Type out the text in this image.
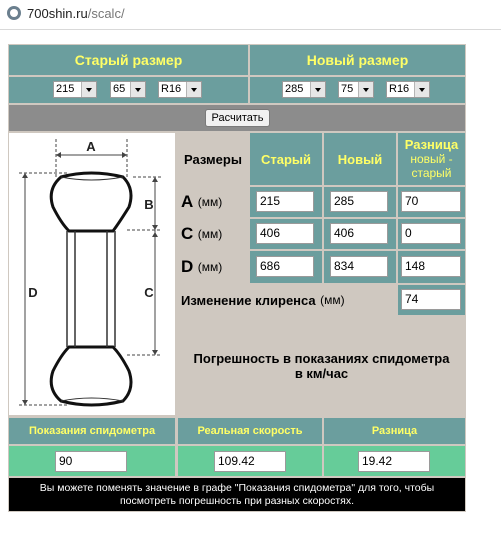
700shin.ru/scalc/
Старый размер	Новый размер
215	65	R16	285	75	R16
Расчитать
A
B
C
D
Размеры	Старый	Новый
Разница
новый - старый
A
(мм)	215	285	70
C
(мм)	406	406	0
D
(мм)	686	834	148
Изменение клиренса
(мм)	74
Погрешность в показаниях спидометра в км/час
Показания спидометра	Реальная скорость	Разница
90	109.42	19.42
Вы можете поменять значение в графе "Показания спидометра" для того, чтобы посмотреть погрешность при разных скоростях.
